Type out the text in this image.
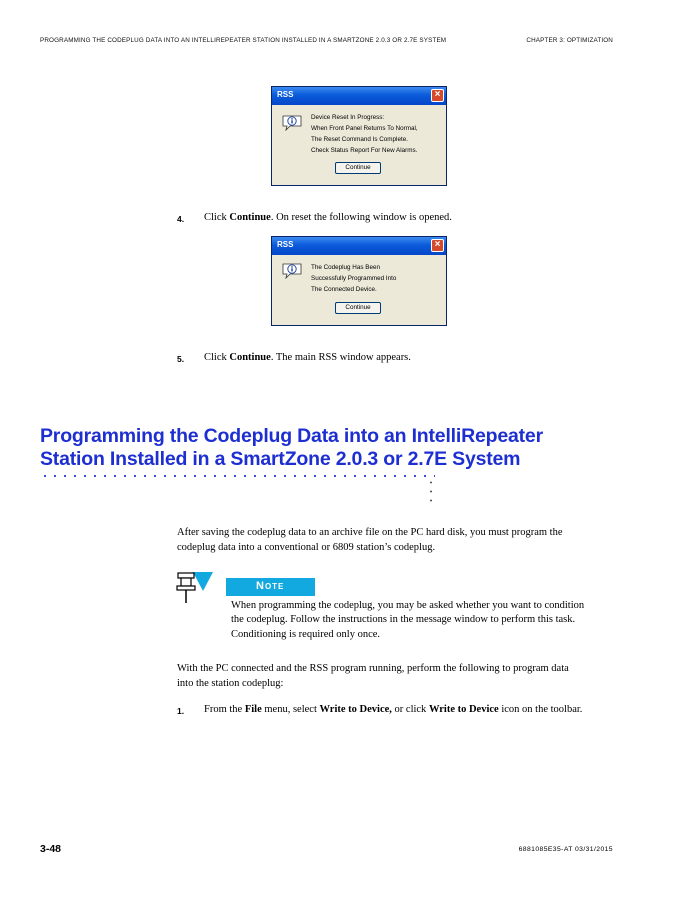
PROGRAMMING THE CODEPLUG DATA INTO AN INTELLIREPEATER STATION INSTALLED IN A SMARTZONE 2.0.3 OR 2.7E SYSTEM	CHAPTER 3: OPTIMIZATION
RSS	×
Device Reset In Progress:
When Front Panel Returns To Normal,
The Reset Command Is Complete.
Check Status Report For New Alarms.
Continue
4. Click Continue. On reset the following window is opened.
RSS	×
The Codeplug Has Been
Successfully Programmed Into
The Connected Device.
Continue
5. Click Continue. The main RSS window appears.
Programming the Codeplug Data into an IntelliRepeater
Station Installed in a SmartZone 2.0.3 or 2.7E System
After saving the codeplug data to an archive file on the PC hard disk, you must program the
codeplug data into a conventional or 6809 station’s codeplug.
Note
When programming the codeplug, you may be asked whether you want to condition
the codeplug. Follow the instructions in the message window to perform this task.
Conditioning is required only once.
With the PC connected and the RSS program running, perform the following to program data
into the station codeplug:
1. From the File menu, select Write to Device, or click Write to Device icon on the toolbar.
3-48	6881085E35-AT 03/31/2015
